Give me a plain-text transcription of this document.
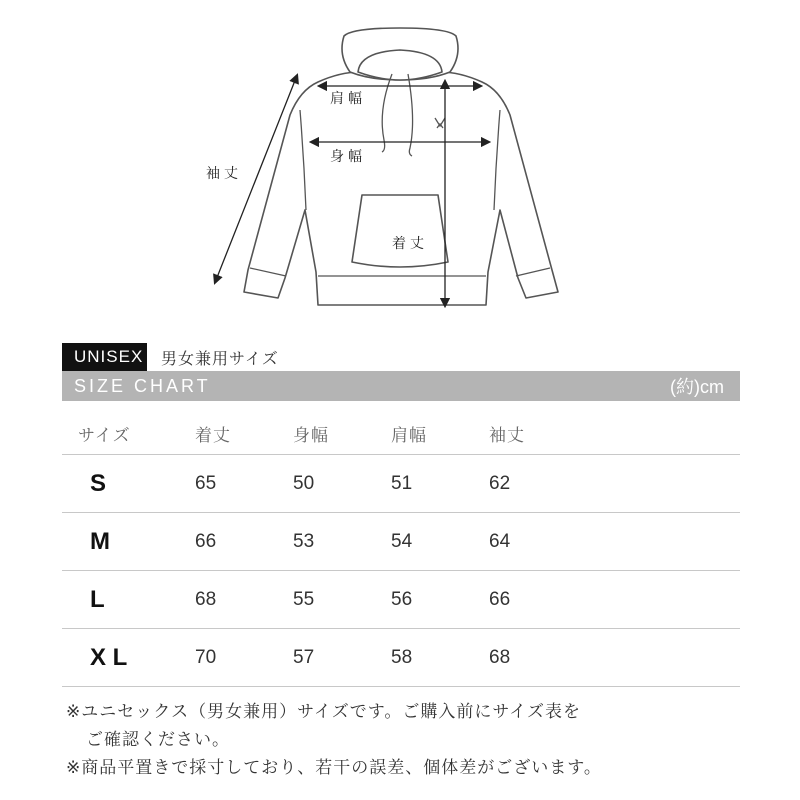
肩幅
身幅
袖丈
着丈
UNISEX 男女兼用サイズ
SIZE CHART	(約)cm
サイズ	着丈	身幅	肩幅	袖丈
S	65	50	51	62
M	66	53	54	64
L	68	55	56	66
X L	70	57	58	68

※ユニセックス（男女兼用）サイズです。ご購入前にサイズ表を

ご確認ください。

※商品平置きで採寸しており、若干の誤差、個体差がございます。
